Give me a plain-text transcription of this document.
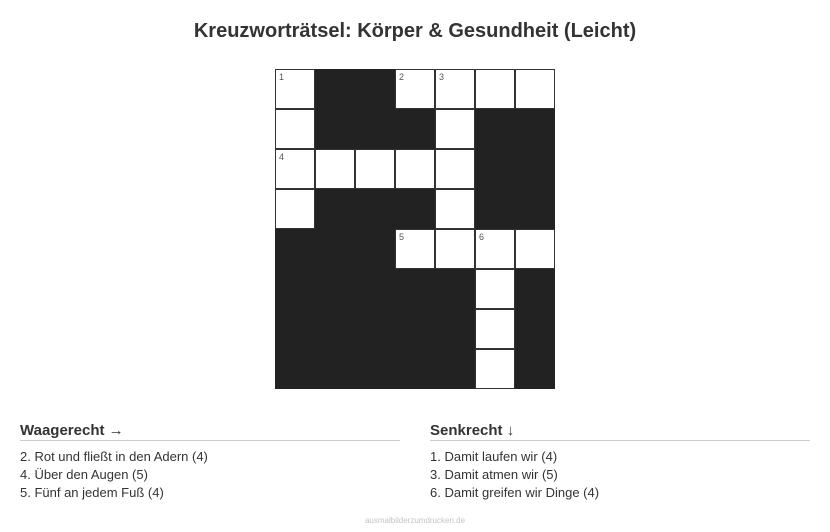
Kreuzworträtsel: Körper & Gesundheit (Leicht)
1	2	3
4
5	6
Waagerecht →
2. Rot und fließt in den Adern (4)
4. Über den Augen (5)
5. Fünf an jedem Fuß (4)
Senkrecht ↓
1. Damit laufen wir (4)
3. Damit atmen wir (5)
6. Damit greifen wir Dinge (4)
ausmalbilderzumdrucken.de
